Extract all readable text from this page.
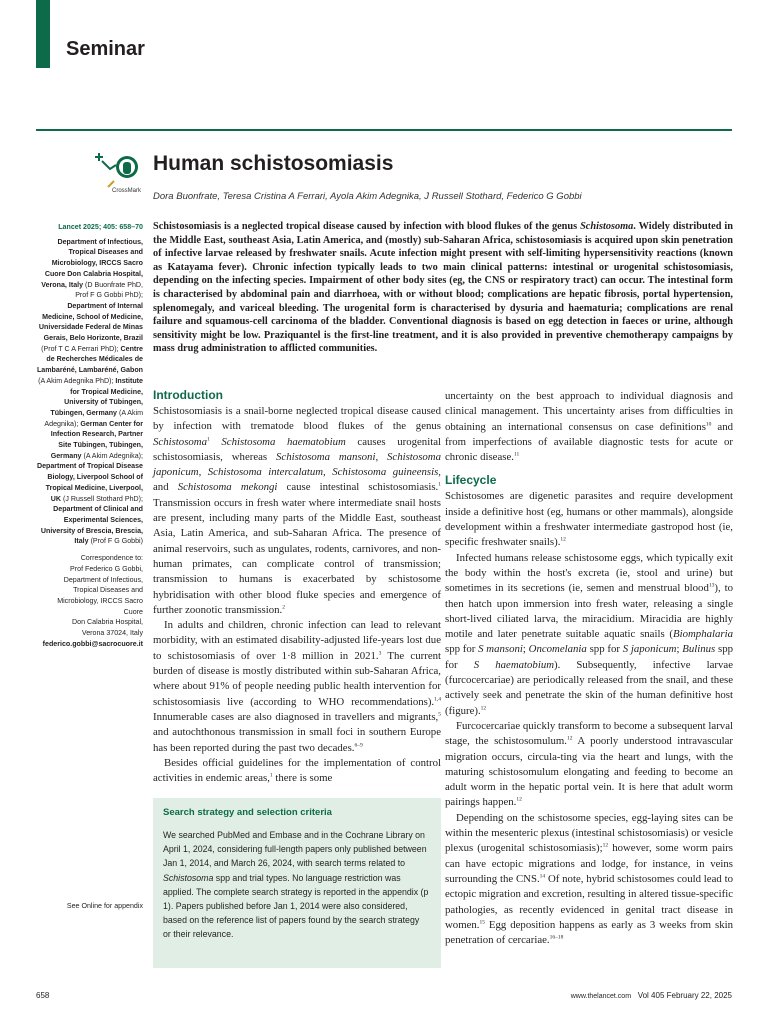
Seminar
CrossMark
Human schistosomiasis
Dora Buonfrate, Teresa Cristina A Ferrari, Ayola Akim Adegnika, J Russell Stothard, Federico G Gobbi

Lancet 2025; 405: 658–70

Department of Infectious, Tropical Diseases and Microbiology, IRCCS Sacro Cuore Don Calabria Hospital, Verona, Italy (D Buonfrate PhD, Prof F G Gobbi PhD); Department of Internal Medicine, School of Medicine, Universidade Federal de Minas Gerais, Belo Horizonte, Brazil (Prof T C A Ferrari PhD); Centre de Recherches Médicales de Lambaréné, Lambaréné, Gabon (A Akim Adegnika PhD); Institute for Tropical Medicine, University of Tübingen, Tübingen, Germany (A Akim Adegnika); German Center for Infection Research, Partner Site Tübingen, Tübingen, Germany (A Akim Adegnika); Department of Tropical Disease Biology, Liverpool School of Tropical Medicine, Liverpool, UK (J Russell Stothard PhD); Department of Clinical and Experimental Sciences, University of Brescia, Brescia, Italy (Prof F G Gobbi)

Correspondence to:
Prof Federico G Gobbi,
Department of Infectious,
Tropical Diseases and
Microbiology, IRCCS Sacro Cuore
Don Calabria Hospital,
Verona 37024, Italy

federico.gobbi@sacrocuore.it

See Online for appendix
Schistosomiasis is a neglected tropical disease caused by infection with blood flukes of the genus Schistosoma. Widely distributed in the Middle East, southeast Asia, Latin America, and (mostly) sub-Saharan Africa, schistosomiasis is acquired upon skin penetration of infective larvae released by freshwater snails. Acute infection might present with self-limiting hypersensitivity reactions (known as Katayama fever). Chronic infection typically leads to two main clinical patterns: intestinal or urogenital schistosomiasis, depending on the infecting species. Impairment of other body sites (eg, the CNS or respiratory tract) can occur. The intestinal form is characterised by abdominal pain and diarrhoea, with or without blood; complications are hepatic fibrosis, portal hypertension, splenomegaly, and variceal bleeding. The urogenital form is characterised by dysuria and haematuria; complications are renal failure and squamous-cell carcinoma of the bladder. Conventional diagnosis is based on egg detection in faeces or urine, although sensitivity might be low. Praziquantel is the first-line treatment, and it is also provided in preventive chemotherapy campaigns by mass drug administration to afflicted communities.
Introduction

Schistosomiasis is a snail-borne neglected tropical disease caused by infection with trematode blood flukes of the genus Schistosoma$^1$ Schistosoma haematobium causes urogenital schistosomiasis, whereas Schistosoma mansoni, Schistosoma japonicum, Schistosoma intercalatum, Schistosoma guineensis, and Schistosoma mekongi cause intestinal schistosomiasis.$^1$ Transmission occurs in fresh water where intermediate snail hosts are present, including many parts of the Middle East, southeast Asia, Latin America, and sub-Saharan Africa. The presence of animal reservoirs, such as ungulates, rodents, carnivores, and non-human primates, can complicate control of transmission; transmission to humans is exacerbated by schistosome hybridisation with other blood fluke species and emergence of further zoonotic transmission.$^2$

In adults and children, chronic infection can lead to relevant morbidity, with an estimated disability-adjusted life-years lost due to schistosomiasis of over 1·8 million in 2021.$^3$ The current burden of disease is mostly distributed within sub-Saharan Africa, where about 91% of people needing public health intervention for schistosomiasis live (according to WHO recommendations).$^{1,4}$ Innumerable cases are also diagnosed in travellers and migrants,$^5$ and autochthonous transmission in small foci in southern Europe has been reported during the past two decades.$^{6-9}$

Besides official guidelines for the implementation of control activities in endemic areas,$^1$ there is some

Search strategy and selection criteria
We searched PubMed and Embase and in the Cochrane Library on April 1, 2024, considering full-length papers only published between Jan 1, 2014, and March 26, 2024, with search terms related to Schistosoma spp and trial types. No language restriction was applied. The complete search strategy is reported in the appendix (p 1). Papers published before Jan 1, 2014 were also considered, based on the reference list of papers found by the search strategy or their relevance.

uncertainty on the best approach to individual diagnosis and clinical management. This uncertainty arises from difficulties in obtaining an international consensus on case definitions$^{10}$ and from imperfections of available diagnostic tests for acute or chronic disease.$^{11}$

Lifecycle

Schistosomes are digenetic parasites and require development inside a definitive host (eg, humans or other mammals), alongside development within a freshwater intermediate gastropod host (ie, specific freshwater snails).$^{12}$

Infected humans release schistosome eggs, which typically exit the body within the host's excreta (ie, stool and urine) but sometimes in its secretions (ie, semen and menstrual blood$^{13}$), to then hatch upon immersion into fresh water, releasing a single short-lived ciliated larva, the miracidium. Miracidia are highly motile and later penetrate suitable aquatic snails (Biomphalaria spp for S mansoni; Oncomelania spp for S japonicum; Bulinus spp for S haematobium). Subsequently, infective larvae (furcocercariae) are periodically released from the snail, and these actively seek and penetrate the skin of the human definitive host (figure).$^{12}$

Furcocercariae quickly transform to become a subsequent larval stage, the schistosomulum.$^{12}$ A poorly understood intravascular migration occurs, circula-ting via the heart and lungs, with the maturing schistosomulum elongating and feeding to become an adult worm in the hepatic portal vein. It is here that adult worm pairings happen.$^{12}$

Depending on the schistosome species, egg-laying sites can be within the mesenteric plexus (intestinal schistosomiasis) or vesicle plexus (urogenital schistosomiasis);$^{12}$ however, some worm pairs can have ectopic migrations and lodge, for instance, in veins surrounding the CNS.$^{14}$ Of note, hybrid schistosomes could lead to ectopic migration and excretion, resulting in altered tissue-specific pathologies, as recently evidenced in genital tract disease in women.$^{15}$ Egg deposition happens as early as 3 weeks from skin penetration of cercariae.$^{16-18}$

658	www.thelancet.com Vol 405 February 22, 2025
